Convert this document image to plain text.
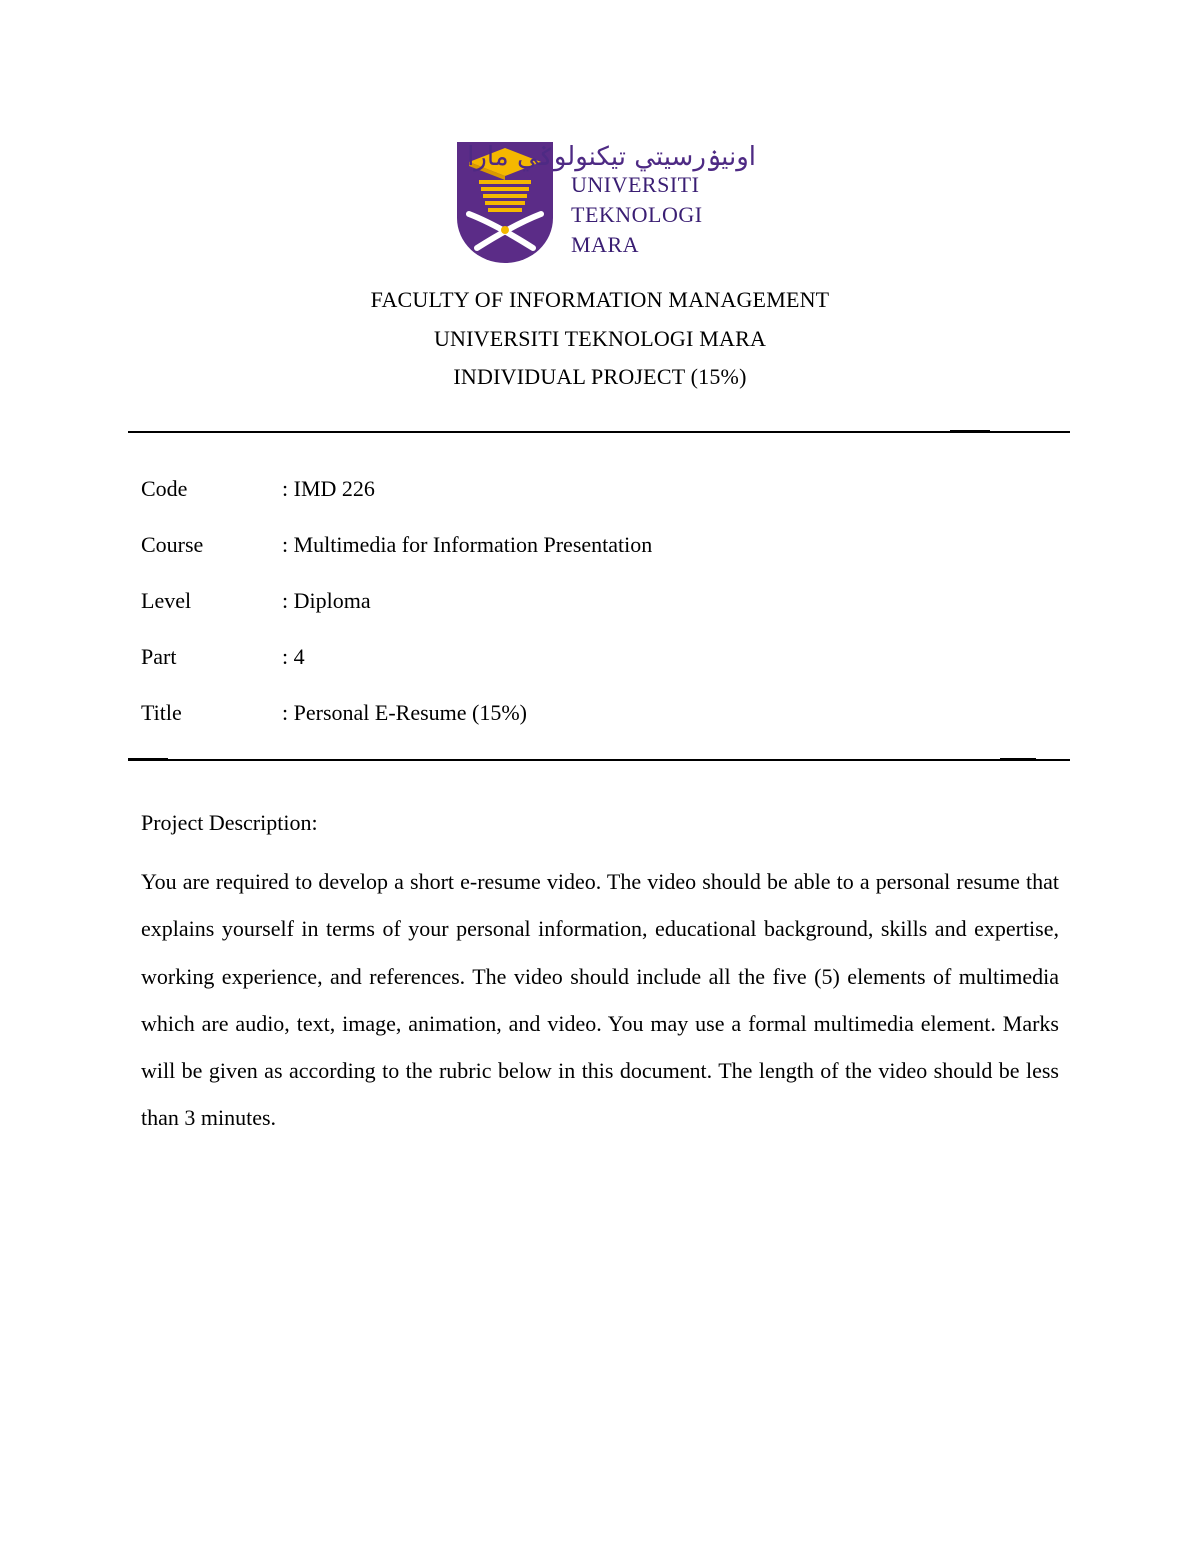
اونيۏرسيتي تيكنولوݢي مارا
UNIVERSITI
TEKNOLOGI
MARA
FACULTY OF INFORMATION MANAGEMENT
UNIVERSITI TEKNOLOGI MARA
INDIVIDUAL PROJECT (15%)
Code	: IMD 226
Course	: Multimedia for Information Presentation
Level	: Diploma
Part	: 4
Title	: Personal E-Resume (15%)
Project Description:
You are required to develop a short e-resume video. The video should be able to a personal resume that explains yourself in terms of your personal information, educational background, skills and expertise, working experience, and references. The video should include all the five (5) elements of multimedia which are audio, text, image, animation, and video. You may use a formal multimedia element. Marks will be given as according to the rubric below in this document. The length of the video should be less than 3 minutes.
